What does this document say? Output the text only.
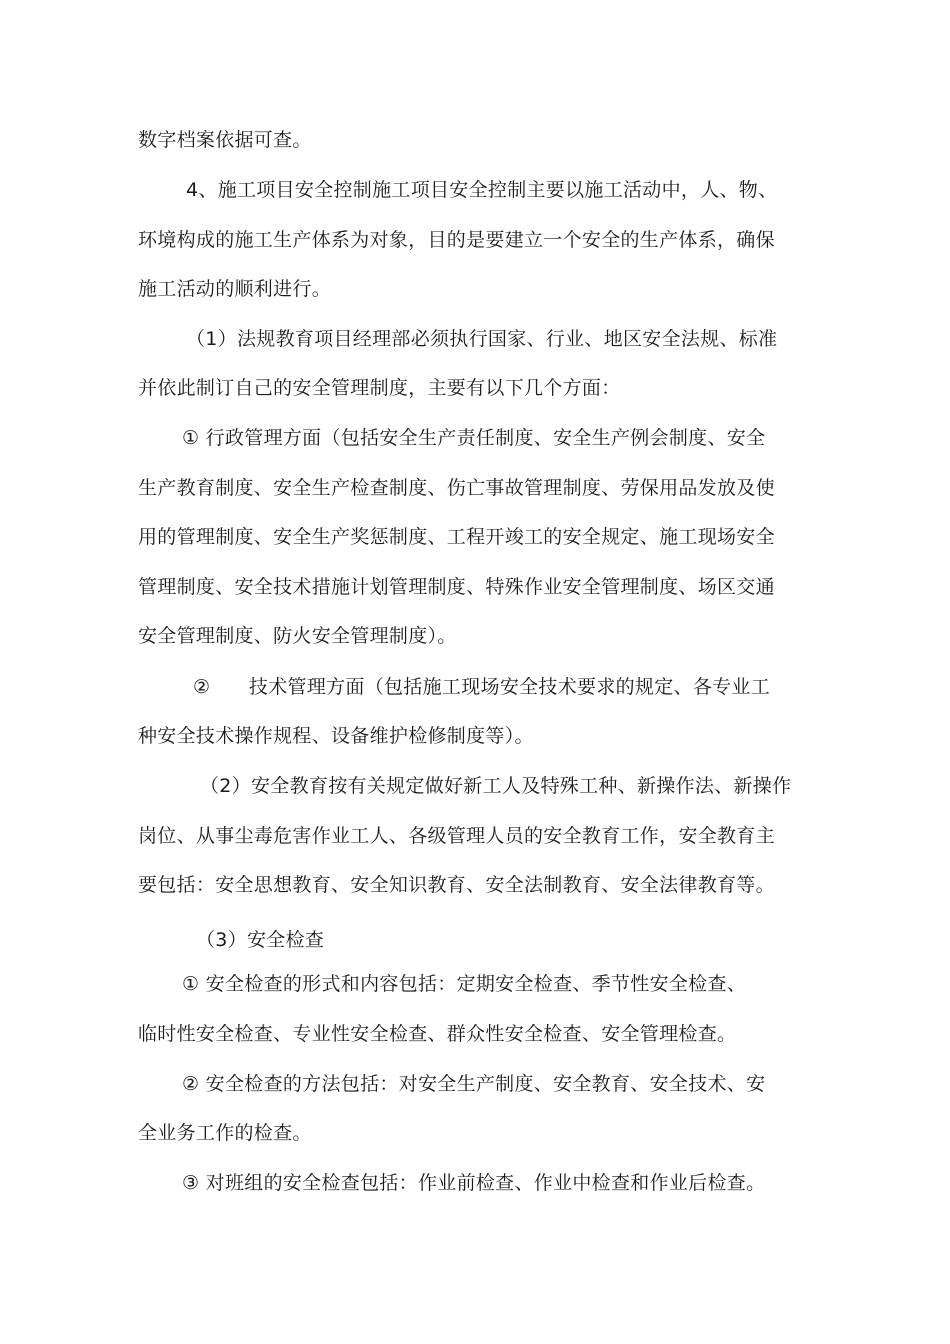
数字档案依据可查。
4、施工项目安全控制施工项目安全控制主要以施工活动中，人、物、
环境构成的施工生产体系为对象，目的是要建立一个安全的生产体系，确保
施工活动的顺利进行。
（1）法规教育项目经理部必须执行国家、行业、地区安全法规、标准
并依此制订自己的安全管理制度，主要有以下几个方面：
① 行政管理方面（包括安全生产责任制度、安全生产例会制度、安全
生产教育制度、安全生产检查制度、伤亡事故管理制度、劳保用品发放及使
用的管理制度、安全生产奖惩制度、工程开竣工的安全规定、施工现场安全
管理制度、安全技术措施计划管理制度、特殊作业安全管理制度、场区交通
安全管理制度、防火安全管理制度）。
②　　技术管理方面（包括施工现场安全技术要求的规定、各专业工
种安全技术操作规程、设备维护检修制度等）。
（2）安全教育按有关规定做好新工人及特殊工种、新操作法、新操作
岗位、从事尘毒危害作业工人、各级管理人员的安全教育工作，安全教育主
要包括：安全思想教育、安全知识教育、安全法制教育、安全法律教育等。
（3）安全检查
① 安全检查的形式和内容包括：定期安全检查、季节性安全检查、
临时性安全检查、专业性安全检查、群众性安全检查、安全管理检查。
② 安全检查的方法包括：对安全生产制度、安全教育、安全技术、安
全业务工作的检查。
③ 对班组的安全检查包括：作业前检查、作业中检查和作业后检查。
